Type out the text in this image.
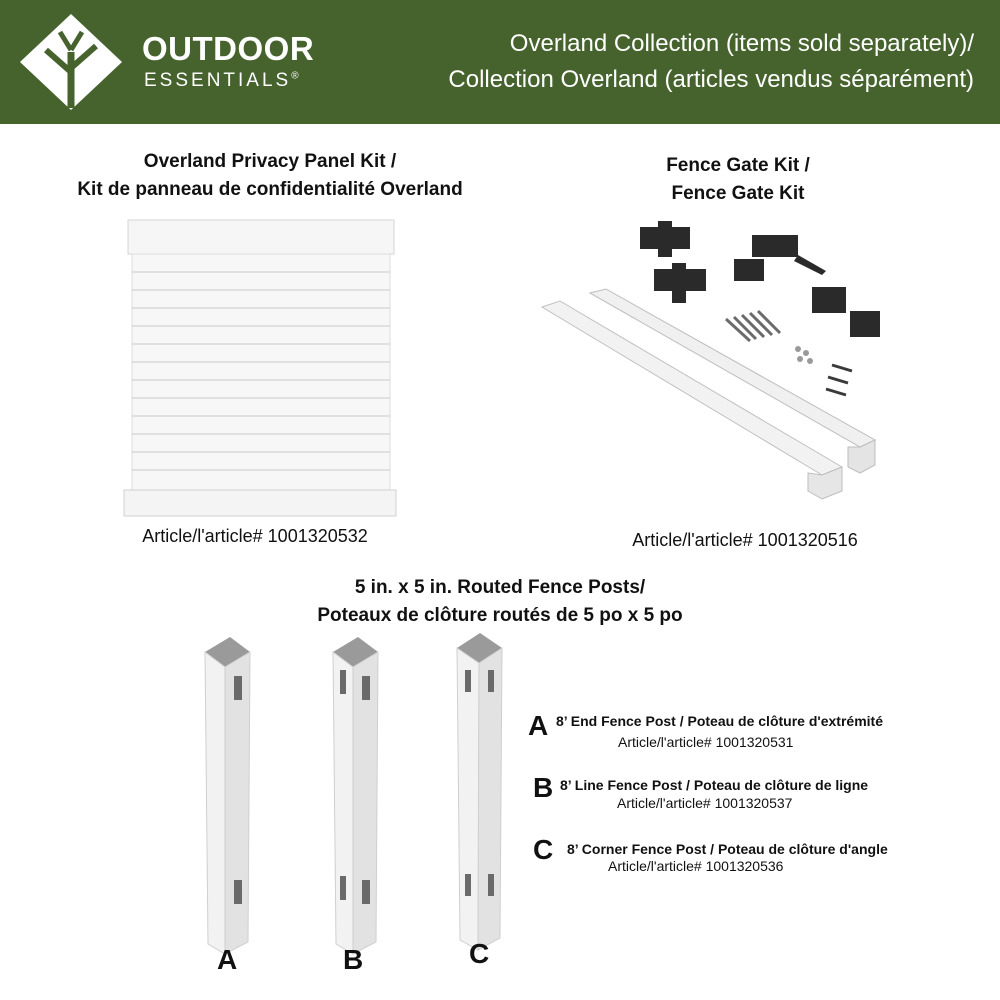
OUTDOOR
ESSENTIALS®
Overland Collection (items sold separately)/
Collection Overland (articles vendus séparément)
Overland Privacy Panel Kit /
Kit de panneau de confidentialité Overland
Article/l'article# 1001320532
Fence Gate Kit /
Fence Gate Kit
Article/l'article# 1001320516
5 in. x 5 in. Routed Fence Posts/
Poteaux de clôture routés de 5 po x 5 po
A	B	C
A 8’ End Fence Post / Poteau de clôture d'extrémité
Article/l'article# 1001320531
B 8’ Line Fence Post / Poteau de clôture de ligne
Article/l'article# 1001320537
C 8’ Corner Fence Post / Poteau de clôture d'angle
Article/l'article# 1001320536
